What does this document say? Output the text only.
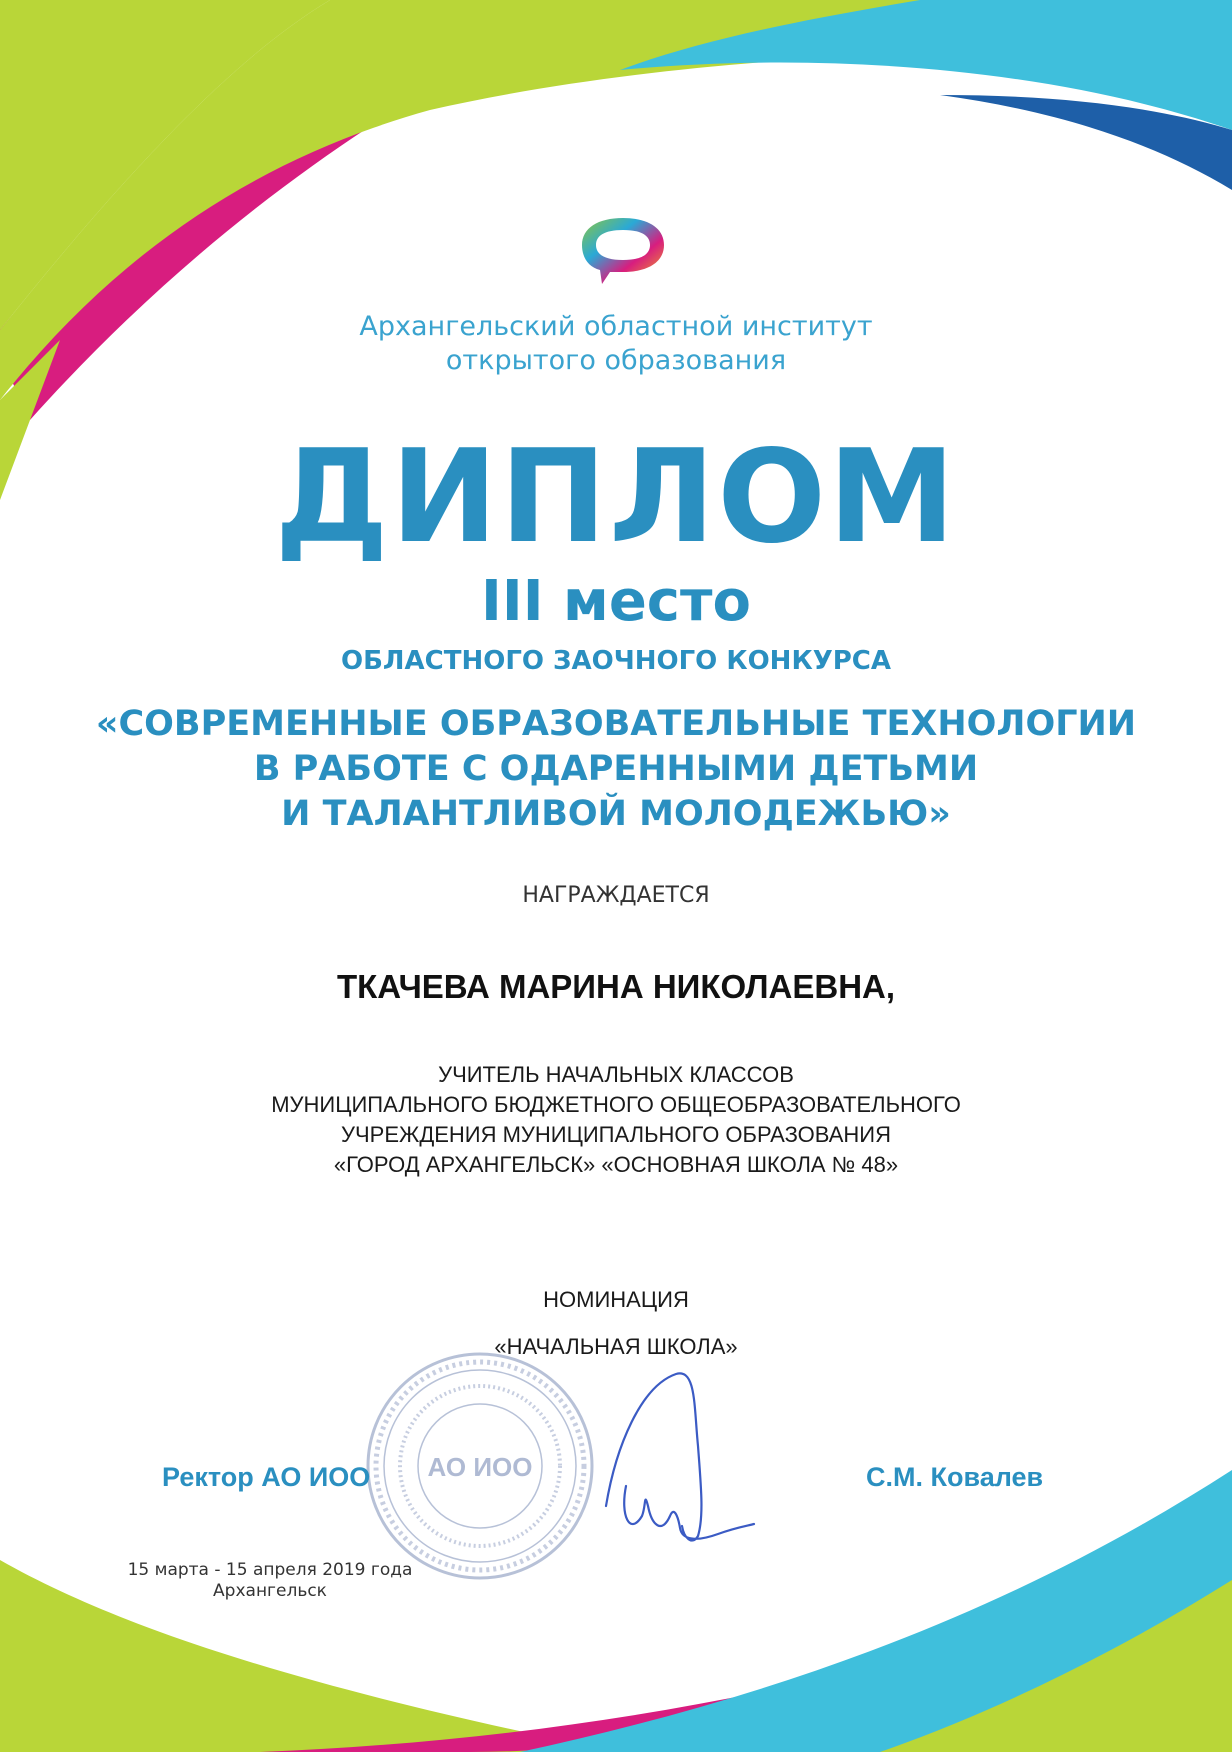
Архангельский областной институт
открытого образования
ДИПЛОМ
III место
ОБЛАСТНОГО ЗАОЧНОГО КОНКУРСА
«СОВРЕМЕННЫЕ ОБРАЗОВАТЕЛЬНЫЕ ТЕХНОЛОГИИ
В РАБОТЕ С ОДАРЕННЫМИ ДЕТЬМИ
И ТАЛАНТЛИВОЙ МОЛОДЕЖЬЮ»
НАГРАЖДАЕТСЯ
ТКАЧЕВА МАРИНА НИКОЛАЕВНА,
УЧИТЕЛЬ НАЧАЛЬНЫХ КЛАССОВ
МУНИЦИПАЛЬНОГО БЮДЖЕТНОГО ОБЩЕОБРАЗОВАТЕЛЬНОГО
УЧРЕЖДЕНИЯ МУНИЦИПАЛЬНОГО ОБРАЗОВАНИЯ
«ГОРОД АРХАНГЕЛЬСК» «ОСНОВНАЯ ШКОЛА № 48»
НОМИНАЦИЯ
«НАЧАЛЬНАЯ ШКОЛА»
АО ИОО
Ректор АО ИОО	С.М. Ковалев
15 марта - 15 апреля 2019 года
Архангельск
